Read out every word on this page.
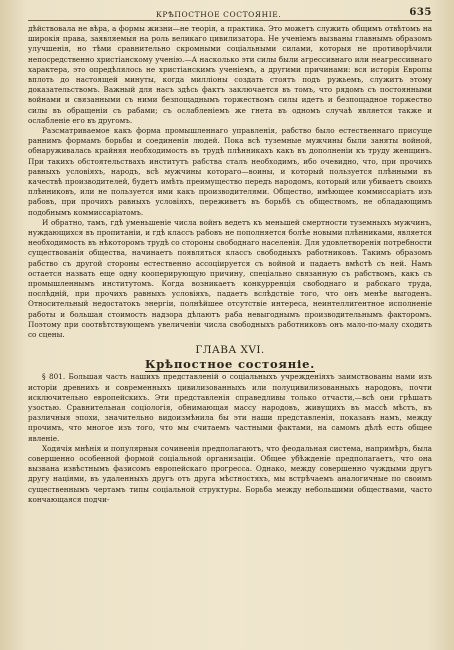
КРѢПОСТНОЕ СОСТОЯНІЕ.	635

дѣйствовала не вѣра, а формы жизни—не теорія, а практика. Это можетъ служить общимъ отвѣтомъ на широкія права, заявляемыя на роль великаго цивилизатора. Не ученіемъ вызваны главнымъ образомъ улучшенія, но тѣми сравнительно скромными соціальными силами, которыя не противорѣчили непосредственно христіанскому ученію.—А насколько эти силы были агрессивнаго или неагрессивнаго характера, это опредѣлялось не христіанскимъ ученіемъ, а другими причинами: вся исторія Европы вплоть до настоящей минуты, когда милліоны создать стоятъ подъ ружьемъ, служитъ этому доказательствомъ. Важный для насъ здѣсь фактъ заключается въ томъ, что рядомъ съ постоянными войнами и связанными съ ними безпощаднымъ торжествомъ силы идетъ и безпощадное торжество силы въ обращеніи съ рабами; съ ослабленіемъ же гнета въ одномъ случаѣ является также и ослабленіе его въ другомъ.

Разсматриваемое какъ форма промышленнаго управленія, рабство было естественнаго присуще раннимъ формамъ борьбы и соединенія людей. Пока всѣ туземные мужчины были заняты войной, обнаруживалась крайняя необходимость въ трудѣ плѣнникахъ какъ въ дополненіи къ труду женщинъ. При такихъ обстоятельствахъ институтъ рабства сталъ необходимъ, ибо очевидно, что, при прочихъ равныхъ условіяхъ, народъ, всѣ мужчины котораго—воины, и который пользуется плѣнными въ качествѣ производителей, будетъ имѣть преимущество передъ народомъ, который или убиваетъ своихъ плѣнниковъ, или не пользуется ими какъ производителями. Общество, имѣющее коммиссаріатъ изъ рабовъ, при прочихъ равныхъ условіяхъ, переживетъ въ борьбѣ съ обществомъ, не обладающимъ подобнымъ коммиссаріатомъ.

И обратно, тамъ, гдѣ уменьшеніе числа войнъ ведетъ къ меньшей смертности туземныхъ мужчинъ, нуждающихся въ пропитаніи, и гдѣ классъ рабовъ не пополняется болѣе новыми плѣнниками, является необходимость въ нѣкоторомъ трудѣ со стороны свободнаго населенія. Для удовлетворенія потребности существованія общества, начинаетъ появляться классъ свободныхъ работниковъ. Такимъ образомъ рабство съ другой стороны естественно ассоціируется съ войной и падаетъ вмѣстѣ съ ней. Намъ остается назвать еще одну кооперирующую причину, спеціально связанную съ рабствомъ, какъ съ промышленнымъ институтомъ. Когда возникаетъ конкурренція свободнаго и рабскаго труда, послѣдній, при прочихъ равныхъ условіяхъ, падаетъ вслѣдствіе того, что онъ менѣе выгоденъ. Относительный недостатокъ энергіи, полнѣйшее отсутствіе интереса, неинтеллигентное исполненіе работы и большая стоимость надзора дѣлаютъ раба невыгоднымъ производительнымъ факторомъ. Поэтому при соотвѣтствующемъ увеличеніи числа свободныхъ работниковъ онъ мало-по-малу сходитъ со сцены.

ГЛАВА XVI.
Крѣпостное состояніе.

§ 801. Большая часть нашихъ представленій о соціальныхъ учрежденіяхъ заимствованы нами изъ исторіи древнихъ и современныхъ цивилизованныхъ или полуцивилизованныхъ народовъ, почти исключительно европейскихъ. Эти представленія справедливы только отчасти,—всѣ они грѣшатъ узостью. Сравнительная соціологія, обнимающая массу народовъ, живущихъ въ массѣ мѣстъ, въ различныя эпохи, значительно видоизмѣнила бы эти наши представленія, показавъ намъ, между прочимъ, что многое изъ того, что мы считаемъ частными фактами, на самомъ дѣлѣ есть общее явленіе.

Ходячія мнѣнія и популярныя сочиненія предполагаютъ, что феодальная система, напримѣръ, была совершенно особенной формой соціальной организаціи. Общее убѣжденіе предполагаетъ, что она вызвана извѣстнымъ фазисомъ европейскаго прогресса. Однако, между совершенно чуждыми другъ другу націями, въ удаленныхъ другъ отъ друга мѣстностяхъ, мы встрѣчаемъ аналогичные по своимъ существеннымъ чертамъ типы соціальной структуры. Борьба между небольшими обществами, часто кончающаяся подчи-
